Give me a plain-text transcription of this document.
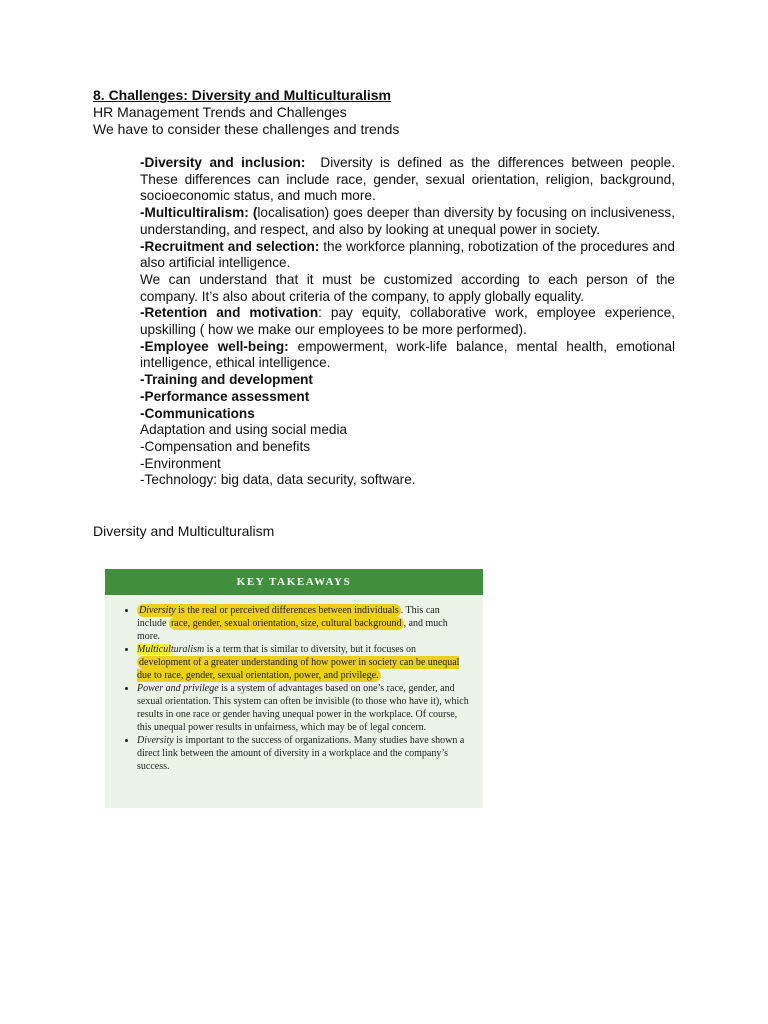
8. Challenges: Diversity and Multiculturalism
HR Management Trends and Challenges
We have to consider these challenges and trends
-Diversity and inclusion: Diversity is defined as the differences between people. These differences can include race, gender, sexual orientation, religion, background, socioeconomic status, and much more.
-Multicultiralism: (localisation) goes deeper than diversity by focusing on inclusiveness, understanding, and respect, and also by looking at unequal power in society.
-Recruitment and selection: the workforce planning, robotization of the procedures and also artificial intelligence.
We can understand that it must be customized according to each person of the company. It’s also about criteria of the company, to apply globally equality.
-Retention and motivation: pay equity, collaborative work, employee experience, upskilling ( how we make our employees to be more performed).
-Employee well-being: empowerment, work-life balance, mental health, emotional intelligence, ethical intelligence.
-Training and development
-Performance assessment
-Communications
Adaptation and using social media
-Compensation and benefits
-Environment
-Technology: big data, data security, software.
Diversity and Multiculturalism
KEY TAKEAWAYS
• Diversity is the real or perceived differences between individuals . This can include race, gender, sexual orientation, size, cultural background , and much more.
• Multiculturalism is a term that is similar to diversity, but it focuses on development of a greater understanding of how power in society can be unequal due to race, gender, sexual orientation, power, and privilege.
• Power and privilege is a system of advantages based on one’s race, gender, and sexual orientation. This system can often be invisible (to those who have it), which results in one race or gender having unequal power in the workplace. Of course, this unequal power results in unfairness, which may be of legal concern.
• Diversity is important to the success of organizations. Many studies have shown a direct link between the amount of diversity in a workplace and the company’s success.
